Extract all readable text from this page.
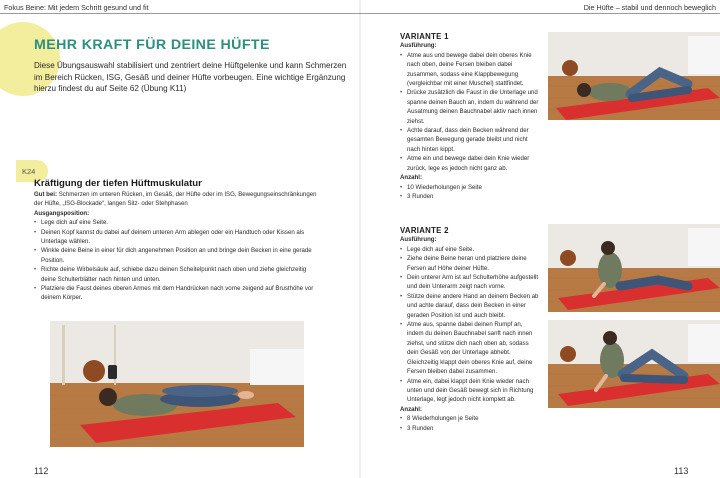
Fokus Beine: Mit jedem Schritt gesund und fit	Die Hüfte – stabil und dennoch beweglich
MEHR KRAFT FÜR DEINE HÜFTE
Diese Übungsauswahl stabilisiert und zentriert deine Hüftgelenke und kann Schmerzen im Bereich Rücken, ISG, Gesäß und deiner Hüfte vorbeugen. Eine wichtige Ergänzung hierzu findest du auf Seite 62 (Übung K11)
K24
Kräftigung der tiefen Hüftmuskulatur
Gut bei: Schmerzen im unteren Rücken, im Gesäß, der Hüfte oder im ISG, Bewegungseinschränkungen der Hüfte, „ISG-Blockade“, langen Sitz- oder Stehphasen
Ausgangsposition:
• Lege dich auf eine Seite.
• Deinen Kopf kannst du dabei auf deinem unteren Arm ablegen oder ein Handtuch oder Kissen als Unterlage wählen.
• Winkle deine Beine in einer für dich angenehmen Position an und bringe dein Becken in eine gerade Position.
• Richte deine Wirbelsäule auf, schiebe dazu deinen Scheitelpunkt nach oben und ziehe gleichzeitig deine Schulterblätter nach hinten und unten.
• Platziere die Faust deines oberen Armes mit dem Handrücken nach vorne zeigend auf Brusthöhe vor deinem Körper.
112
VARIANTE 1
Ausführung:
• Atme aus und bewege dabei dein oberes Knie nach oben, deine Fersen bleiben dabei zusammen, sodass eine Klappbewegung (vergleichbar mit einer Muschel) stattfindet.
• Drücke zusätzlich die Faust in die Unterlage und spanne deinen Bauch an, indem du während der Ausatmung deinen Bauchnabel aktiv nach innen ziehst.
• Achte darauf, dass dein Becken während der gesamten Bewegung gerade bleibt und nicht nach hinten kippt.
• Atme ein und bewege dabei dein Knie wieder zurück, lege es jedoch nicht ganz ab.
Anzahl:
• 10 Wiederholungen je Seite
• 3 Runden
VARIANTE 2
Ausführung:
• Lege dich auf eine Seite.
• Ziehe deine Beine heran und platziere deine Fersen auf Höhe deiner Hüfte.
• Dein unterer Arm ist auf Schulterhöhe aufgestellt und dein Unterarm zeigt nach vorne.
• Stütze deine andere Hand an deinem Becken ab und achte darauf, dass dein Becken in einer geraden Position ist und auch bleibt.
• Atme aus, spanne dabei deinen Rumpf an, indem du deinen Bauchnabel sanft nach innen ziehst, und stütze dich nach oben ab, sodass dein Gesäß von der Unterlage abhebt. Gleichzeitig klappt dein oberes Knie auf, deine Fersen bleiben dabei zusammen.
• Atme ein, dabei klappt dein Knie wieder nach unten und dein Gesäß bewegt sich in Richtung Unterlage, legt jedoch nicht komplett ab.
Anzahl:
• 8 Wiederholungen je Seite
• 3 Runden
113
